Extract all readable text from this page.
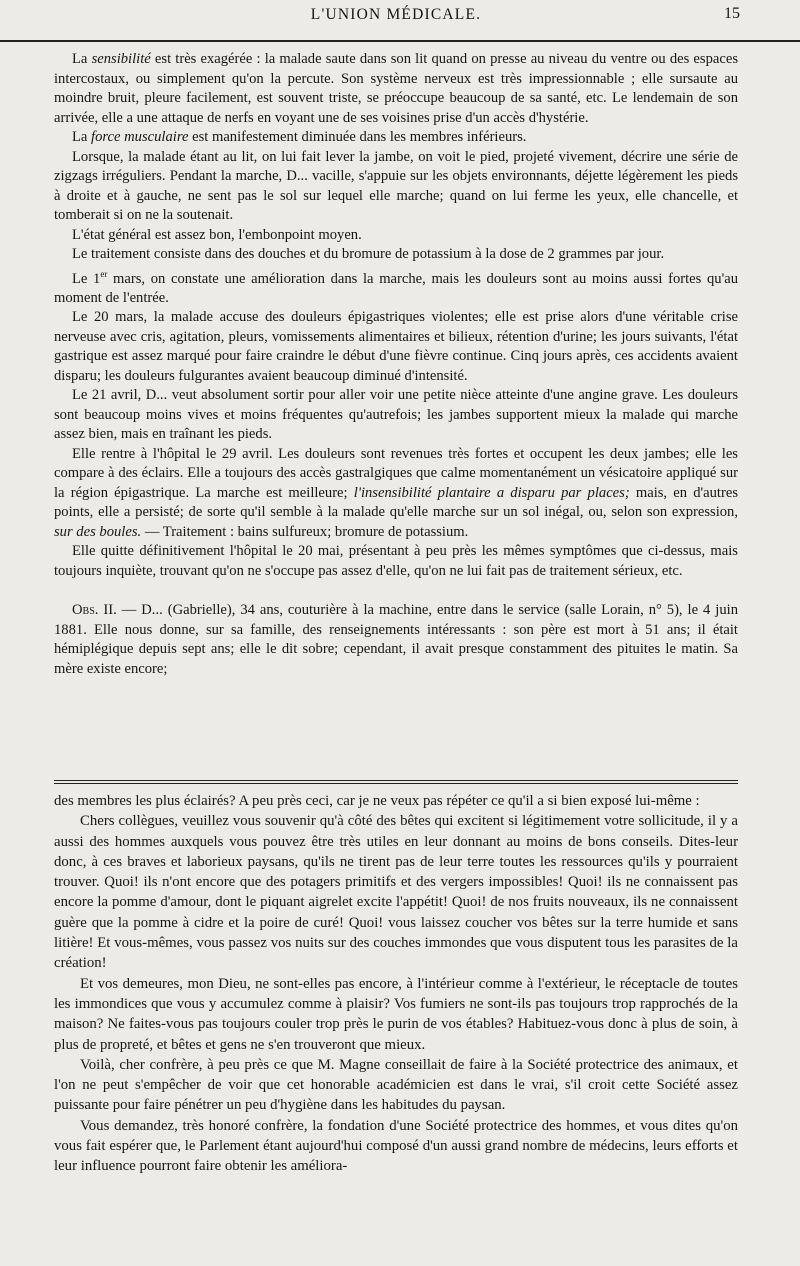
L'UNION MÉDICALE.	15

La sensibilité est très exagérée : la malade saute dans son lit quand on presse au niveau du ventre ou des espaces intercostaux, ou simplement qu'on la percute. Son système nerveux est très impressionnable ; elle sursaute au moindre bruit, pleure facilement, est souvent triste, se préoccupe beaucoup de sa santé, etc. Le lendemain de son arrivée, elle a une attaque de nerfs en voyant une de ses voisines prise d'un accès d'hystérie.

La force musculaire est manifestement diminuée dans les membres inférieurs.

Lorsque, la malade étant au lit, on lui fait lever la jambe, on voit le pied, projeté vivement, décrire une série de zigzags irréguliers. Pendant la marche, D... vacille, s'appuie sur les objets environnants, déjette légèrement les pieds à droite et à gauche, ne sent pas le sol sur lequel elle marche; quand on lui ferme les yeux, elle chancelle, et tomberait si on ne la soutenait.

L'état général est assez bon, l'embonpoint moyen.

Le traitement consiste dans des douches et du bromure de potassium à la dose de 2 grammes par jour.

Le 1er mars, on constate une amélioration dans la marche, mais les douleurs sont au moins aussi fortes qu'au moment de l'entrée.

Le 20 mars, la malade accuse des douleurs épigastriques violentes; elle est prise alors d'une véritable crise nerveuse avec cris, agitation, pleurs, vomissements alimentaires et bilieux, rétention d'urine; les jours suivants, l'état gastrique est assez marqué pour faire craindre le début d'une fièvre continue. Cinq jours après, ces accidents avaient disparu; les douleurs fulgurantes avaient beaucoup diminué d'intensité.

Le 21 avril, D... veut absolument sortir pour aller voir une petite nièce atteinte d'une angine grave. Les douleurs sont beaucoup moins vives et moins fréquentes qu'autrefois; les jambes supportent mieux la malade qui marche assez bien, mais en traînant les pieds.

Elle rentre à l'hôpital le 29 avril. Les douleurs sont revenues très fortes et occupent les deux jambes; elle les compare à des éclairs. Elle a toujours des accès gastralgiques que calme momentanément un vésicatoire appliqué sur la région épigastrique. La marche est meilleure; l'insensibilité plantaire a disparu par places; mais, en d'autres points, elle a persisté; de sorte qu'il semble à la malade qu'elle marche sur un sol inégal, ou, selon son expression, sur des boules. — Traitement : bains sulfureux; bromure de potassium.

Elle quitte définitivement l'hôpital le 20 mai, présentant à peu près les mêmes symptômes que ci-dessus, mais toujours inquiète, trouvant qu'on ne s'occupe pas assez d'elle, qu'on ne lui fait pas de traitement sérieux, etc.

Obs. II. — D... (Gabrielle), 34 ans, couturière à la machine, entre dans le service (salle Lorain, n° 5), le 4 juin 1881. Elle nous donne, sur sa famille, des renseignements intéressants : son père est mort à 51 ans; il était hémiplégique depuis sept ans; elle le dit sobre; cependant, il avait presque constamment des pituites le matin. Sa mère existe encore;

des membres les plus éclairés? A peu près ceci, car je ne veux pas répéter ce qu'il a si bien exposé lui-même :

Chers collègues, veuillez vous souvenir qu'à côté des bêtes qui excitent si légitimement votre sollicitude, il y a aussi des hommes auxquels vous pouvez être très utiles en leur donnant au moins de bons conseils. Dites-leur donc, à ces braves et laborieux paysans, qu'ils ne tirent pas de leur terre toutes les ressources qu'ils y pourraient trouver. Quoi! ils n'ont encore que des potagers primitifs et des vergers impossibles! Quoi! ils ne connaissent pas encore la pomme d'amour, dont le piquant aigrelet excite l'appétit! Quoi! de nos fruits nouveaux, ils ne connaissent guère que la pomme à cidre et la poire de curé! Quoi! vous laissez coucher vos bêtes sur la terre humide et sans litière! Et vous-mêmes, vous passez vos nuits sur des couches immondes que vous disputent tous les parasites de la création!

Et vos demeures, mon Dieu, ne sont-elles pas encore, à l'intérieur comme à l'extérieur, le réceptacle de toutes les immondices que vous y accumulez comme à plaisir? Vos fumiers ne sont-ils pas toujours trop rapprochés de la maison? Ne faites-vous pas toujours couler trop près le purin de vos étables? Habituez-vous donc à plus de soin, à plus de propreté, et bêtes et gens ne s'en trouveront que mieux.

Voilà, cher confrère, à peu près ce que M. Magne conseillait de faire à la Société protectrice des animaux, et l'on ne peut s'empêcher de voir que cet honorable académicien est dans le vrai, s'il croit cette Société assez puissante pour faire pénétrer un peu d'hygiène dans les habitudes du paysan.

Vous demandez, très honoré confrère, la fondation d'une Société protectrice des hommes, et vous dites qu'on vous fait espérer que, le Parlement étant aujourd'hui composé d'un aussi grand nombre de médecins, leurs efforts et leur influence pourront faire obtenir les améliora-
